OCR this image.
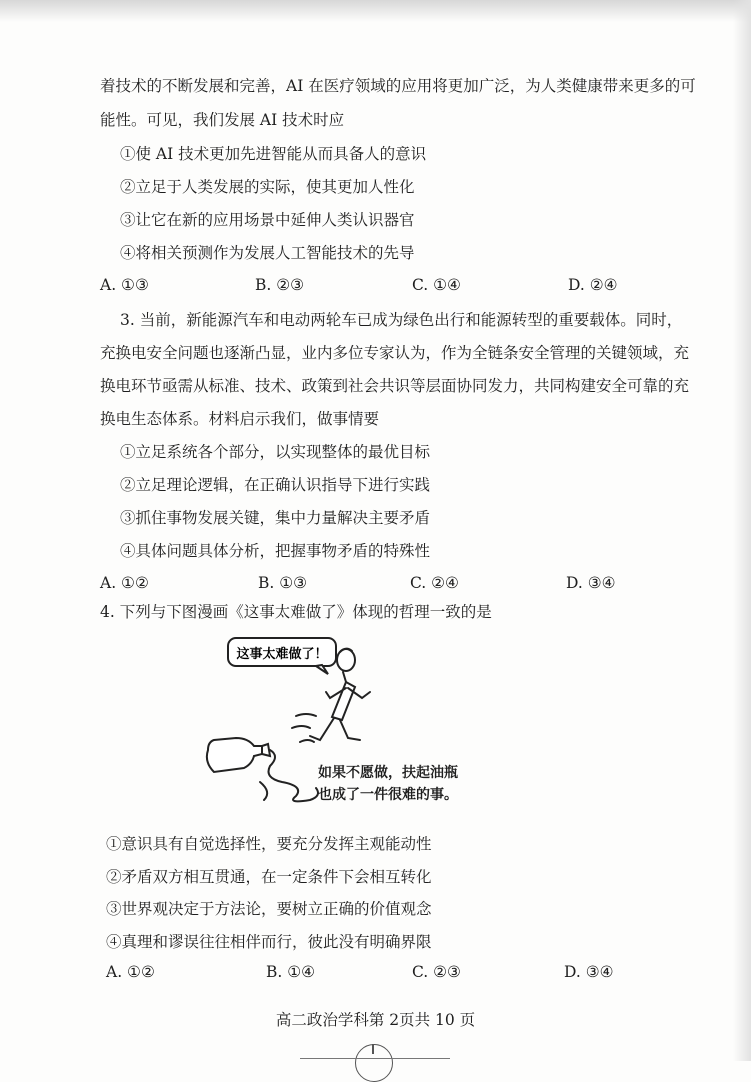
着技术的不断发展和完善，AI 在医疗领域的应用将更加广泛，为人类健康带来更多的可
能性。可见，我们发展 AI 技术时应
①使 AI 技术更加先进智能从而具备人的意识
②立足于人类发展的实际，使其更加人性化
③让它在新的应用场景中延伸人类认识器官
④将相关预测作为发展人工智能技术的先导
A. ①③	B. ②③	C. ①④	D. ②④
3. 当前，新能源汽车和电动两轮车已成为绿色出行和能源转型的重要载体。同时，
充换电安全问题也逐渐凸显，业内多位专家认为，作为全链条安全管理的关键领域，充
换电环节亟需从标准、技术、政策到社会共识等层面协同发力，共同构建安全可靠的充
换电生态体系。材料启示我们，做事情要
①立足系统各个部分，以实现整体的最优目标
②立足理论逻辑，在正确认识指导下进行实践
③抓住事物发展关键，集中力量解决主要矛盾
④具体问题具体分析，把握事物矛盾的特殊性
A. ①②	B. ①③	C. ②④	D. ③④
4. 下列与下图漫画《这事太难做了》体现的哲理一致的是
这事太难做了！
如果不愿做，扶起油瓶
也成了一件很难的事。
①意识具有自觉选择性，要充分发挥主观能动性
②矛盾双方相互贯通，在一定条件下会相互转化
③世界观决定于方法论，要树立正确的价值观念
④真理和谬误往往相伴而行，彼此没有明确界限
A. ①②	B. ①④	C. ②③	D. ③④
高二政治学科第 2页共 10 页
